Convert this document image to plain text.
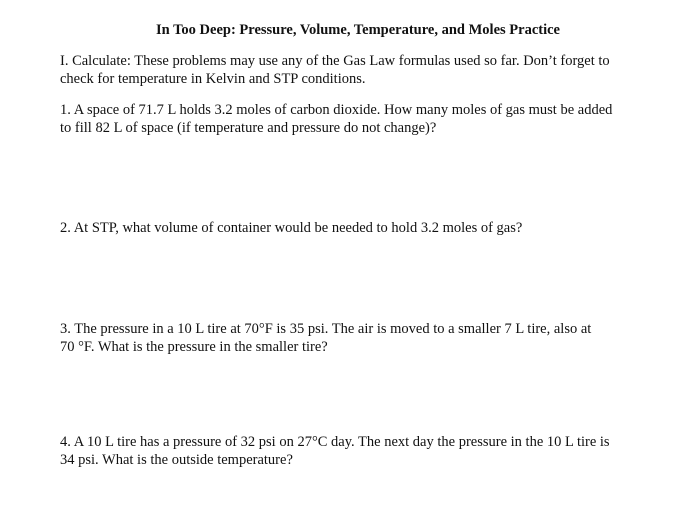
In Too Deep: Pressure, Volume, Temperature, and Moles Practice
I. Calculate: These problems may use any of the Gas Law formulas used so far. Don’t forget to
check for temperature in Kelvin and STP conditions.
1. A space of 71.7 L holds 3.2 moles of carbon dioxide. How many moles of gas must be added
to fill 82 L of space (if temperature and pressure do not change)?
2. At STP, what volume of container would be needed to hold 3.2 moles of gas?
3. The pressure in a 10 L tire at 70°F is 35 psi. The air is moved to a smaller 7 L tire, also at
70 °F. What is the pressure in the smaller tire?
4. A 10 L tire has a pressure of 32 psi on 27°C day. The next day the pressure in the 10 L tire is
34 psi. What is the outside temperature?
